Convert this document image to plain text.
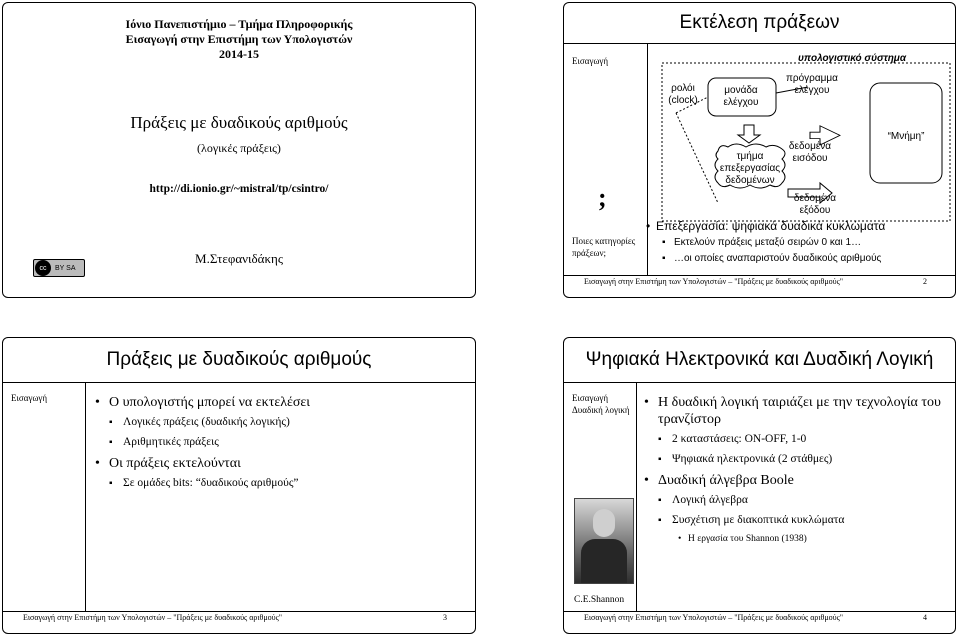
Ιόνιο Πανεπιστήμιο – Τμήμα Πληροφορικής
Εισαγωγή στην Επιστήμη των Υπολογιστών
2014-15
Πράξεις με δυαδικούς αριθμούς
(λογικές πράξεις)
http://di.ionio.gr/~mistral/tp/csintro/
Μ.Στεφανιδάκης
cc	BY SA
Εκτέλεση πράξεων
Εισαγωγή
;
Ποιες κατηγορίες πράξεων;
υπολογιστικό σύστημα
πρόγραμμα ελέγχου
ρολόι (clock)
μονάδα ελέγχου
“Μνήμη”
τμήμα επεξεργασίας δεδομένων
δεδομένα εισόδου
δεδομένα εξόδου
• Επεξεργασία: ψηφιακά δυαδικά κυκλώματα
▪ Εκτελούν πράξεις μεταξύ σειρών 0 και 1…
▪ …οι οποίες αναπαριστούν δυαδικούς αριθμούς
Εισαγωγή στην Επιστήμη των Υπολογιστών – "Πράξεις με δυαδικούς αριθμούς"	2
Πράξεις με δυαδικούς αριθμούς
Εισαγωγή	• Ο υπολογιστής μπορεί να εκτελέσει
▪ Λογικές πράξεις (δυαδικής λογικής)
▪ Αριθμητικές πράξεις
• Οι πράξεις εκτελούνται
▪ Σε ομάδες bits: “δυαδικούς αριθμούς”
Εισαγωγή στην Επιστήμη των Υπολογιστών – "Πράξεις με δυαδικούς αριθμούς"	3
Ψηφιακά Ηλεκτρονικά και Δυαδική Λογική
Εισαγωγή
Δυαδική λογική
C.E.Shannon
• Η δυαδική λογική ταιριάζει με την τεχνολογία του τρανζίστορ
▪ 2 καταστάσεις: ON-OFF, 1-0
▪ Ψηφιακά ηλεκτρονικά (2 στάθμες)
• Δυαδική άλγεβρα Boole
▪ Λογική άλγεβρα
▪ Συσχέτιση με διακοπτικά κυκλώματα
• Η εργασία του Shannon (1938)
Εισαγωγή στην Επιστήμη των Υπολογιστών – "Πράξεις με δυαδικούς αριθμούς"	4
